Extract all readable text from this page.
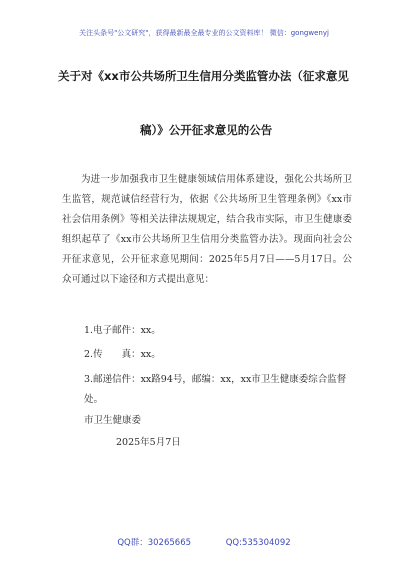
关注头条号"公文研究"，获得最新最全最专业的公文资料库！ 微信：gongwenyj
关于对《xx市公共场所卫生信用分类监管办法（征求意见
稿）》公开征求意见的公告

为进一步加强我市卫生健康领域信用体系建设，强化公共场所卫生监管，规范诚信经营行为，依据《公共场所卫生管理条例》《xx市社会信用条例》等相关法律法规规定，结合我市实际，市卫生健康委组织起草了《xx市公共场所卫生信用分类监管办法》。现面向社会公开征求意见，公开征求意见期间：2025年5月7日——5月17日。公众可通过以下途径和方式提出意见：

1.电子邮件：xx。
2.传　　真：xx。
3.邮递信件：xx路94号，邮编：xx，xx市卫生健康委综合监督处。
市卫生健康委
2025年5月7日
QQ群：30265665	QQ:535304092
